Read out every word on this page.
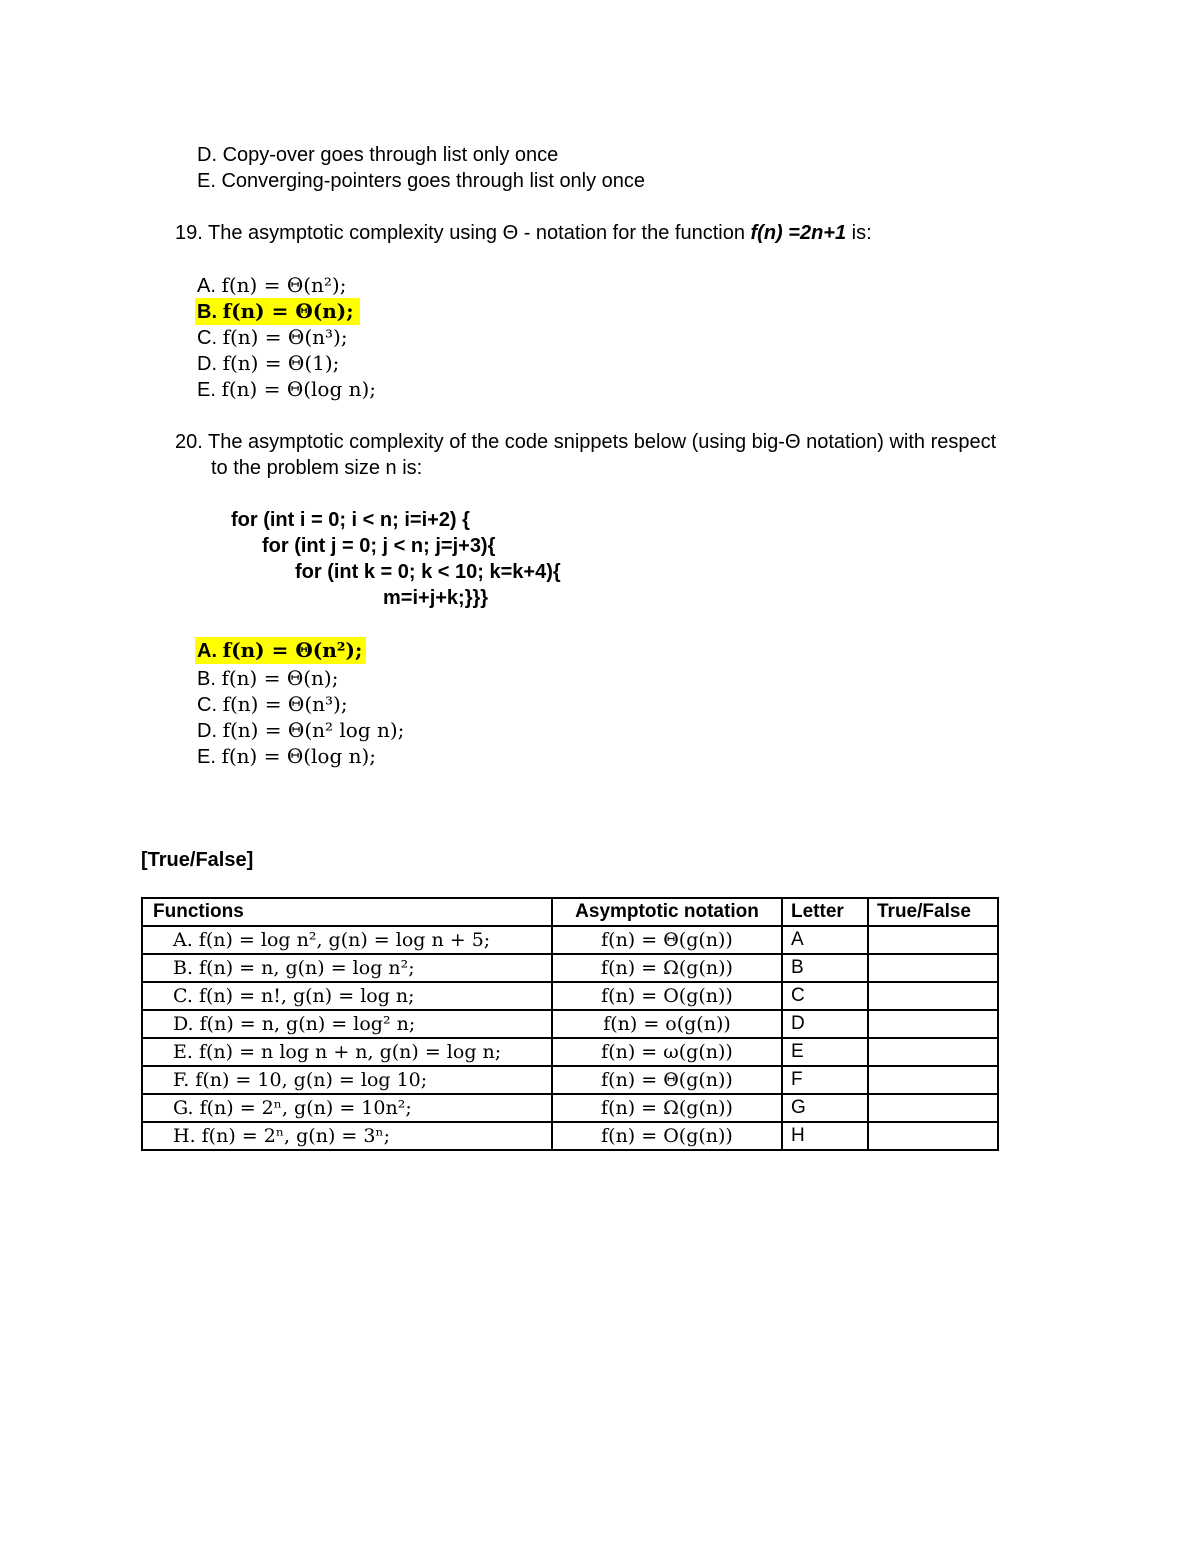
D. Copy-over goes through list only once
E. Converging-pointers goes through list only once
19. The asymptotic complexity using Θ - notation for the function f(n) =2n+1 is:
A. f(n) = Θ(n²);
B. f(n) = Θ(n);
C. f(n) = Θ(n³);
D. f(n) = Θ(1);
E. f(n) = Θ(log n);
20. The asymptotic complexity of the code snippets below (using big-Θ notation) with respect
to the problem size n is:
for (int i = 0; i < n; i=i+2) {
for (int j = 0; j < n; j=j+3){
for (int k = 0; k < 10; k=k+4){
m=i+j+k;}}}
A. f(n) = Θ(n²);
B. f(n) = Θ(n);
C. f(n) = Θ(n³);
D. f(n) = Θ(n² log n);
E. f(n) = Θ(log n);
[True/False]
Functions	Asymptotic notation	Letter	True/False
A. f(n) = log n², g(n) = log n + 5;	f(n) = Θ(g(n))	A	
B. f(n) = n, g(n) = log n²;	f(n) = Ω(g(n))	B	
C. f(n) = n!, g(n) = log n;	f(n) = O(g(n))	C	
D. f(n) = n, g(n) = log² n;	f(n) = o(g(n))	D	
E. f(n) = n log n + n, g(n) = log n;	f(n) = ω(g(n))	E	
F. f(n) = 10, g(n) = log 10;	f(n) = Θ(g(n))	F	
G. f(n) = 2ⁿ, g(n) = 10n²;	f(n) = Ω(g(n))	G	
H. f(n) = 2ⁿ, g(n) = 3ⁿ;	f(n) = O(g(n))	H	
